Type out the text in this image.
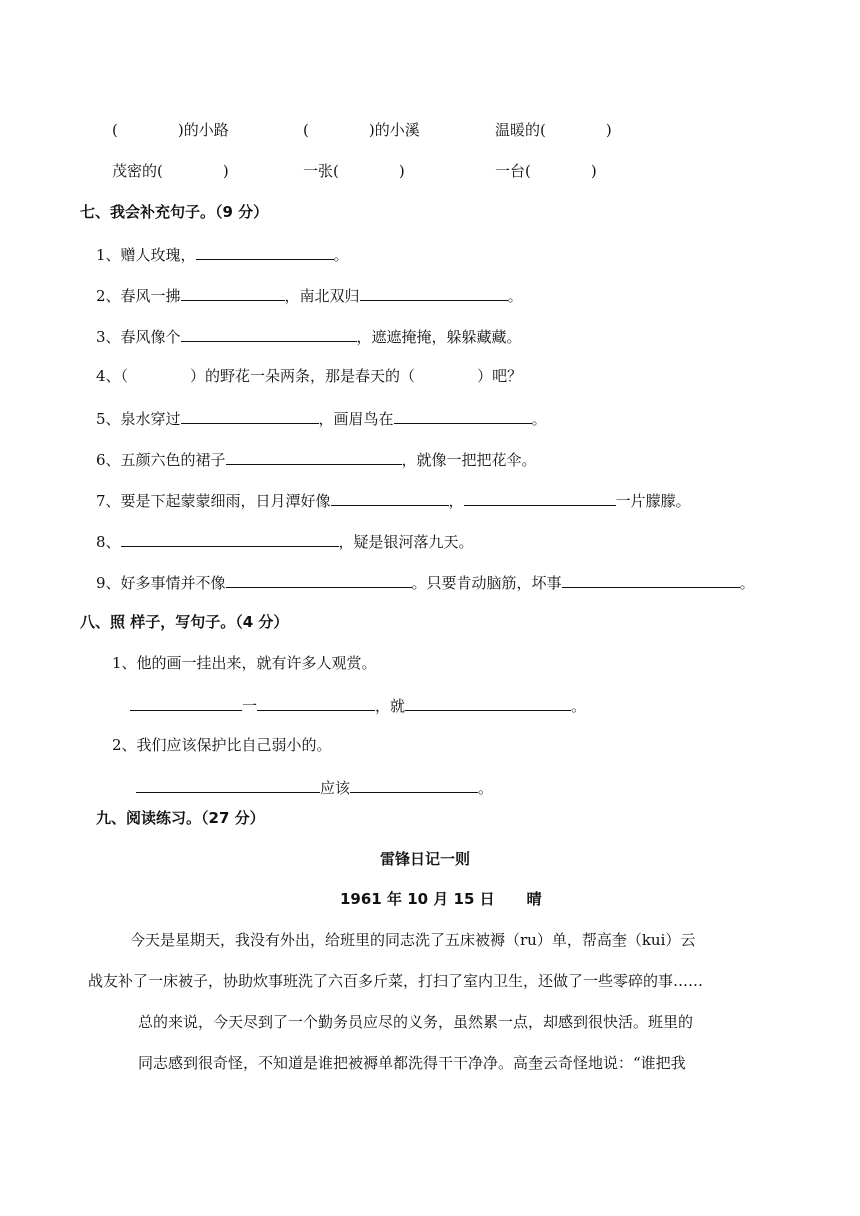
(　　　　)的小路	(　　　　)的小溪	温暖的(　　　　)
茂密的(　　　　)	一张(　　　　)	一台(　　　　)
七、我会补充句子。（9 分）
1、赠人玫瑰，	。
2、春风一拂	，南北双归	。
3、春风像个	，遮遮掩掩，躲躲藏藏。
4、（	）的野花一朵两条，那是春天的（	）吧？
5、泉水穿过	，画眉鸟在	。
6、五颜六色的裙子	，就像一把把花伞。
7、要是下起蒙蒙细雨，日月潭好像	，	一片朦朦。
8、	，疑是银河落九天。
9、好多事情并不像	。只要肯动脑筋，坏事	。
八、照 样子，写句子。（4 分）
1、他的画一挂出来，就有许多人观赏。
一	，就	。
2、我们应该保护比自己弱小的。
应该	。
九、阅读练习。（27 分）
雷锋日记一则
1961 年 10 月 15 日 晴
今天是星期天，我没有外出，给班里的同志洗了五床被褥（ru）单，帮高奎（kui）云
战友补了一床被子，协助炊事班洗了六百多斤菜，打扫了室内卫生，还做了一些零碎的事……
总的来说，今天尽到了一个勤务员应尽的义务，虽然累一点，却感到很快活。班里的
同志感到很奇怪，不知道是谁把被褥单都洗得干干净净。高奎云奇怪地说：“谁把我
